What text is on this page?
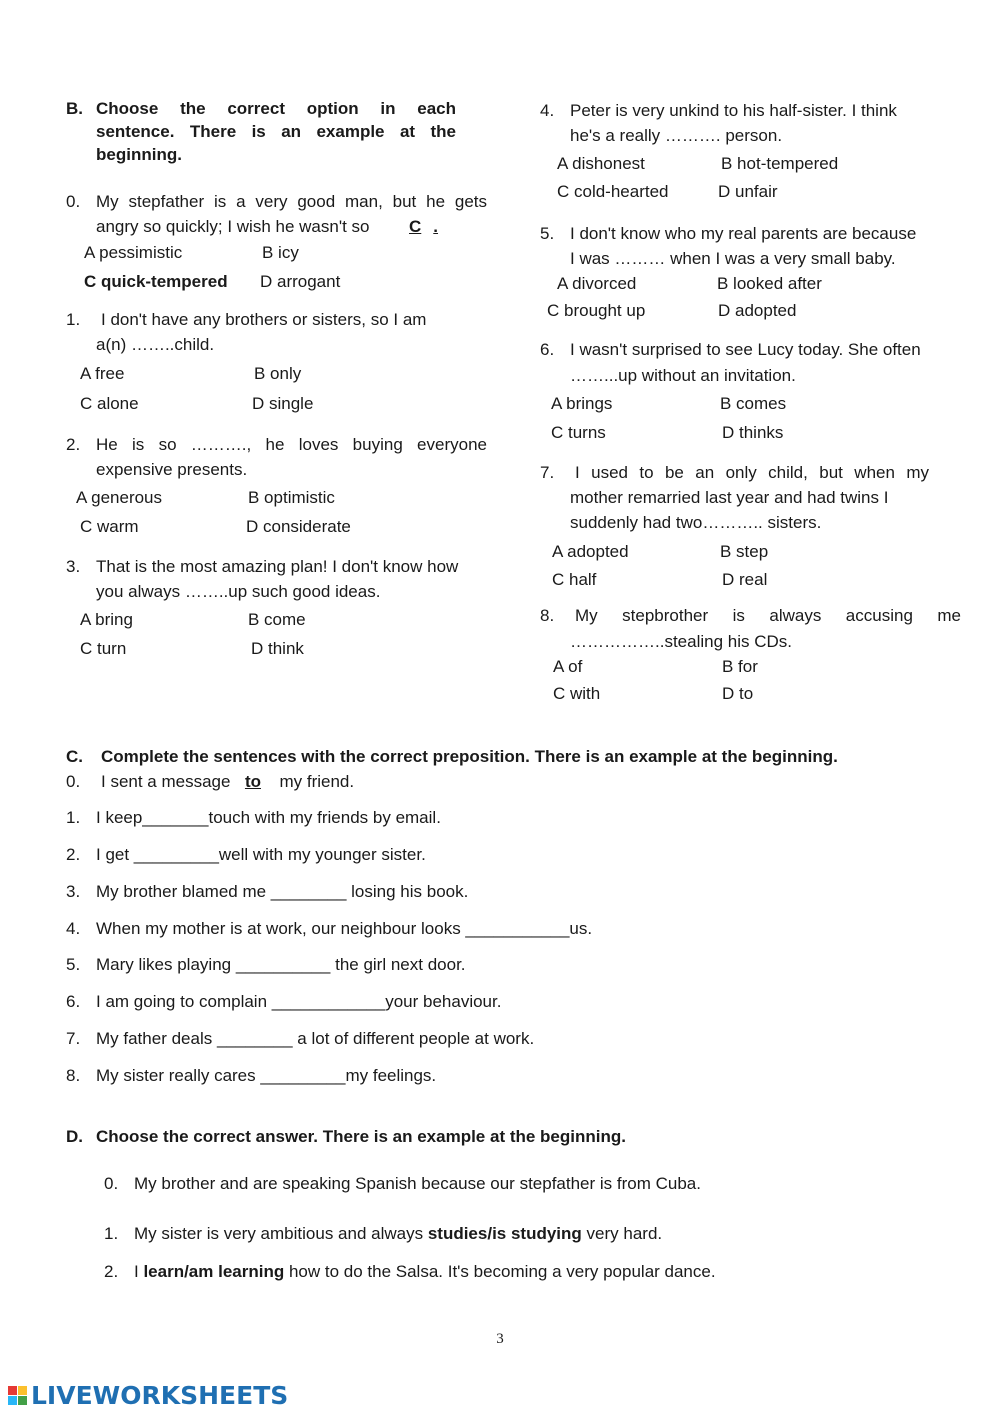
B. Choose the correct option in each
sentence. There is an example at the
beginning.
0. My stepfather is a very good man, but he gets
angry so quickly; I wish he wasn't so C .
A pessimistic	B icy
C quick-tempered D arrogant
1. I don't have any brothers or sisters, so I am
a(n) ……..child.
A free	B only
C alone	D single
2. He is so ………., he loves buying everyone
expensive presents.
A generous	B optimistic
C warm	D considerate
3. That is the most amazing plan! I don't know how
you always ……..up such good ideas.
A bring	B come
C turn	D think
4. Peter is very unkind to his half-sister. I think
he's a really ………. person.
A dishonest	B hot-tempered
C cold-hearted	D unfair
5. I don't know who my real parents are because
I was ……… when I was a very small baby.
A divorced	B looked after
C brought up	D adopted
6. I wasn't surprised to see Lucy today. She often
……...up without an invitation.
A brings	B comes
C turns	D thinks
7. I used to be an only child, but when my
mother remarried last year and had twins I
suddenly had two……….. sisters.
A adopted	B step
C half	D real
8. My stepbrother is always accusing me
……………..stealing his CDs.
A of	B for
C with	D to
C. Complete the sentences with the correct preposition. There is an example at the beginning.
0. I sent a message to my friend.
1. I keep_______touch with my friends by email.
2. I get _________well with my younger sister.
3. My brother blamed me ________ losing his book.
4. When my mother is at work, our neighbour looks ___________us.
5. Mary likes playing __________ the girl next door.
6. I am going to complain ____________your behaviour.
7. My father deals ________ a lot of different people at work.
8. My sister really cares _________my feelings.
D. Choose the correct answer. There is an example at the beginning.
0. My brother and are speaking Spanish because our stepfather is from Cuba.
1. My sister is very ambitious and always studies/is studying very hard.
2. I learn/am learning how to do the Salsa. It's becoming a very popular dance.
3
LIVEWORKSHEETS
